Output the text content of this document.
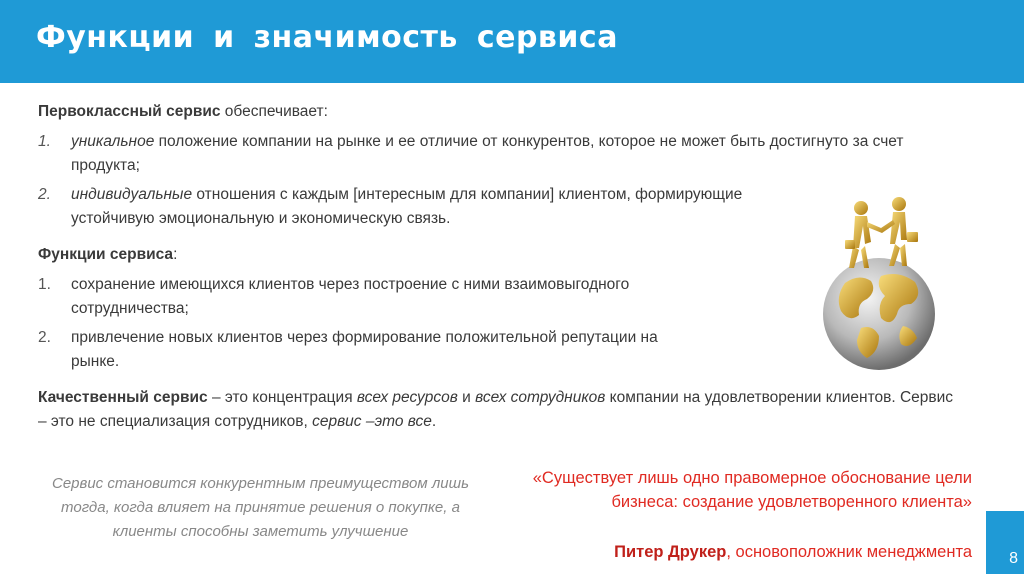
Функции и значимость сервиса

Первоклассный сервис обеспечивает:

1. уникальное положение компании на рынке и ее отличие от конкурентов, которое не может быть достигнуто за счет продукта;
2. индивидуальные отношения с каждым [интересным для компании] клиентом, формирующие устойчивую эмоциональную и экономическую связь.

Функции сервиса:

1. сохранение имеющихся клиентов через построение с ними взаимовыгодного сотрудничества;
2. привлечение новых клиентов через формирование положительной репутации на рынке.

Качественный сервис – это концентрация всех ресурсов и всех сотрудников компании на удовлетворении клиентов. Сервис – это не специализация сотрудников, сервис –это все.

Сервис становится конкурентным преимуществом лишь тогда, когда влияет на принятие решения о покупке, а клиенты способны заметить улучшение
«Существует лишь одно правомерное обоснование цели бизнеса: создание удовлетворенного клиента»
Питер Друкер, основоположник менеджмента 8
